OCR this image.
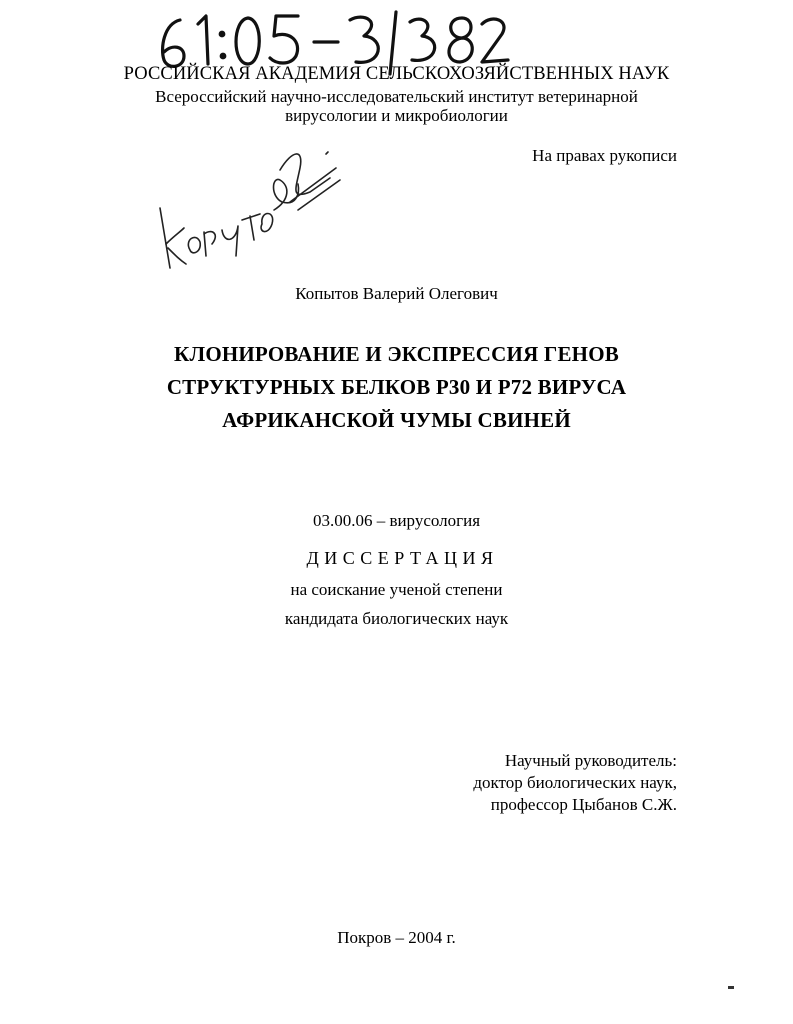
РОССИЙСКАЯ АКАДЕМИЯ СЕЛЬСКОХОЗЯЙСТВЕННЫХ НАУК
Всероссийский научно-исследовательский институт ветеринарной
вирусологии и микробиологии
На правах рукописи
Копытов Валерий Олегович
КЛОНИРОВАНИЕ И ЭКСПРЕССИЯ ГЕНОВ
СТРУКТУРНЫХ БЕЛКОВ Р30 И Р72 ВИРУСА
АФРИКАНСКОЙ ЧУМЫ СВИНЕЙ
03.00.06 – вирусология
ДИССЕРТАЦИЯ
на соискание ученой степени
кандидата биологических наук
Научный руководитель:
доктор биологических наук,
профессор Цыбанов С.Ж.
Покров – 2004 г.
